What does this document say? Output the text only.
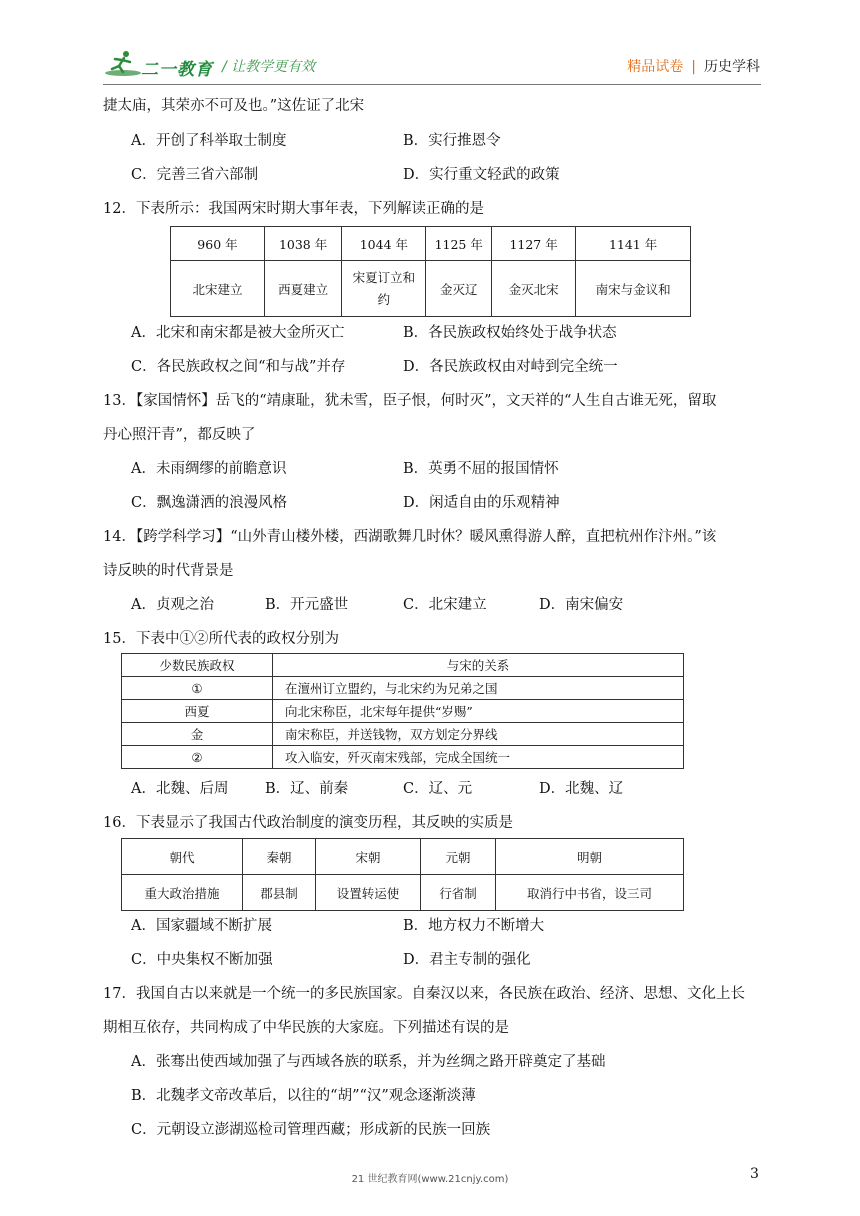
二一教育 / 让教学更有效	精品试卷 | 历史学科
捷太庙，其荣亦不可及也。”这佐证了北宋
A．开创了科举取士制度	B．实行推恩令
C．完善三省六部制	D．实行重文轻武的政策
12．下表所示：我国两宋时期大事年表，下列解读正确的是
960 年	1038 年	1044 年	1125 年	1127 年	1141 年
北宋建立	西夏建立	宋夏订立和约	金灭辽	金灭北宋	南宋与金议和
A．北宋和南宋都是被大金所灭亡	B．各民族政权始终处于战争状态
C．各民族政权之间“和与战”并存	D．各民族政权由对峙到完全统一
13．【家国情怀】岳飞的“靖康耻，犹未雪，臣子恨，何时灭”，文天祥的“人生自古谁无死，留取
丹心照汗青”，都反映了
A．未雨绸缪的前瞻意识	B．英勇不屈的报国情怀
C．飘逸潇洒的浪漫风格	D．闲适自由的乐观精神
14．【跨学科学习】“山外青山楼外楼，西湖歌舞几时休？暖风熏得游人醉，直把杭州作汴州。”该
诗反映的时代背景是
A．贞观之治	B．开元盛世	C．北宋建立	D．南宋偏安
15．下表中①②所代表的政权分别为
少数民族政权	与宋的关系
①	在澶州订立盟约，与北宋约为兄弟之国
西夏	向北宋称臣，北宋每年提供“岁赐”
金	南宋称臣，并送钱物，双方划定分界线
②	攻入临安，歼灭南宋残部，完成全国统一
A．北魏、后周	B．辽、前秦	C．辽、元	D．北魏、辽
16．下表显示了我国古代政治制度的演变历程，其反映的实质是
朝代	秦朝	宋朝	元朝	明朝
重大政治措施	郡县制	设置转运使	行省制	取消行中书省，设三司
A．国家疆域不断扩展	B．地方权力不断增大
C．中央集权不断加强	D．君主专制的强化
17．我国自古以来就是一个统一的多民族国家。自秦汉以来，各民族在政治、经济、思想、文化上长
期相互依存，共同构成了中华民族的大家庭。下列描述有误的是
A．张骞出使西域加强了与西域各族的联系，并为丝绸之路开辟奠定了基础
B．北魏孝文帝改革后，以往的“胡”“汉”观念逐渐淡薄
C．元朝设立澎湖巡检司管理西藏；形成新的民族一回族
21 世纪教育网(www.21cnjy.com)	3
